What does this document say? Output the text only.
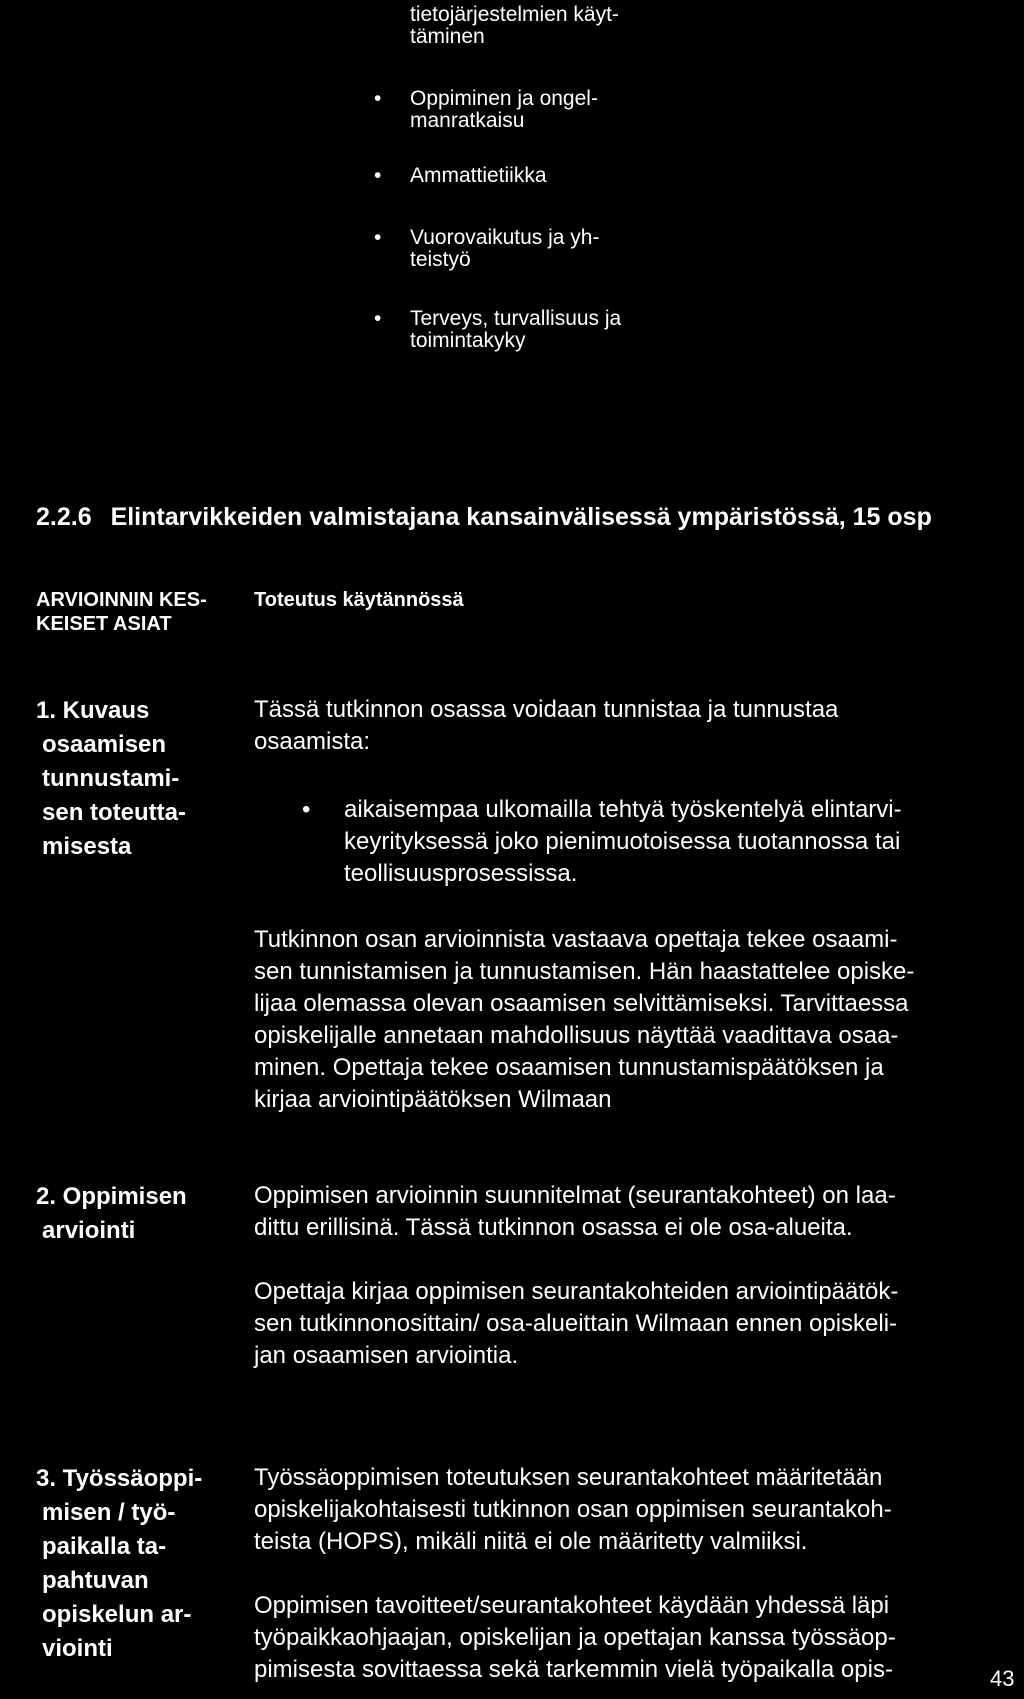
tietojärjestelmien käyt-
täminen
• Oppiminen ja ongel-
manratkaisu
• Ammattietiikka
• Vuorovaikutus ja yh-
teistyö
• Terveys, turvallisuus ja
toimintakyky
2.2.6 Elintarvikkeiden valmistajana kansainvälisessä ympäristössä, 15 osp
ARVIOINNIN KES-
KEISET ASIAT
Toteutus käytännössä
1. Kuvaus
osaamisen
tunnustami-
sen toteutta-
misesta
Tässä tutkinnon osassa voidaan tunnistaa ja tunnustaa
osaamista:
• aikaisempaa ulkomailla tehtyä työskentelyä elintarvi-
keyrityksessä joko pienimuotoisessa tuotannossa tai
teollisuusprosessissa.
Tutkinnon osan arvioinnista vastaava opettaja tekee osaami-
sen tunnistamisen ja tunnustamisen. Hän haastattelee opiske-
lijaa olemassa olevan osaamisen selvittämiseksi. Tarvittaessa
opiskelijalle annetaan mahdollisuus näyttää vaadittava osaa-
minen. Opettaja tekee osaamisen tunnustamispäätöksen ja
kirjaa arviointipäätöksen Wilmaan
2. Oppimisen
arviointi
Oppimisen arvioinnin suunnitelmat (seurantakohteet) on laa-
dittu erillisinä. Tässä tutkinnon osassa ei ole osa-alueita.
Opettaja kirjaa oppimisen seurantakohteiden arviointipäätök-
sen tutkinnonosittain/ osa-alueittain Wilmaan ennen opiskeli-
jan osaamisen arviointia.
3. Työssäoppi-
misen / työ-
paikalla ta-
pahtuvan
opiskelun ar-
viointi
Työssäoppimisen toteutuksen seurantakohteet määritetään
opiskelijakohtaisesti tutkinnon osan oppimisen seurantakoh-
teista (HOPS), mikäli niitä ei ole määritetty valmiiksi.
Oppimisen tavoitteet/seurantakohteet käydään yhdessä läpi
työpaikkaohjaajan, opiskelijan ja opettajan kanssa työssäop-
pimisesta sovittaessa sekä tarkemmin vielä työpaikalla opis-	43
